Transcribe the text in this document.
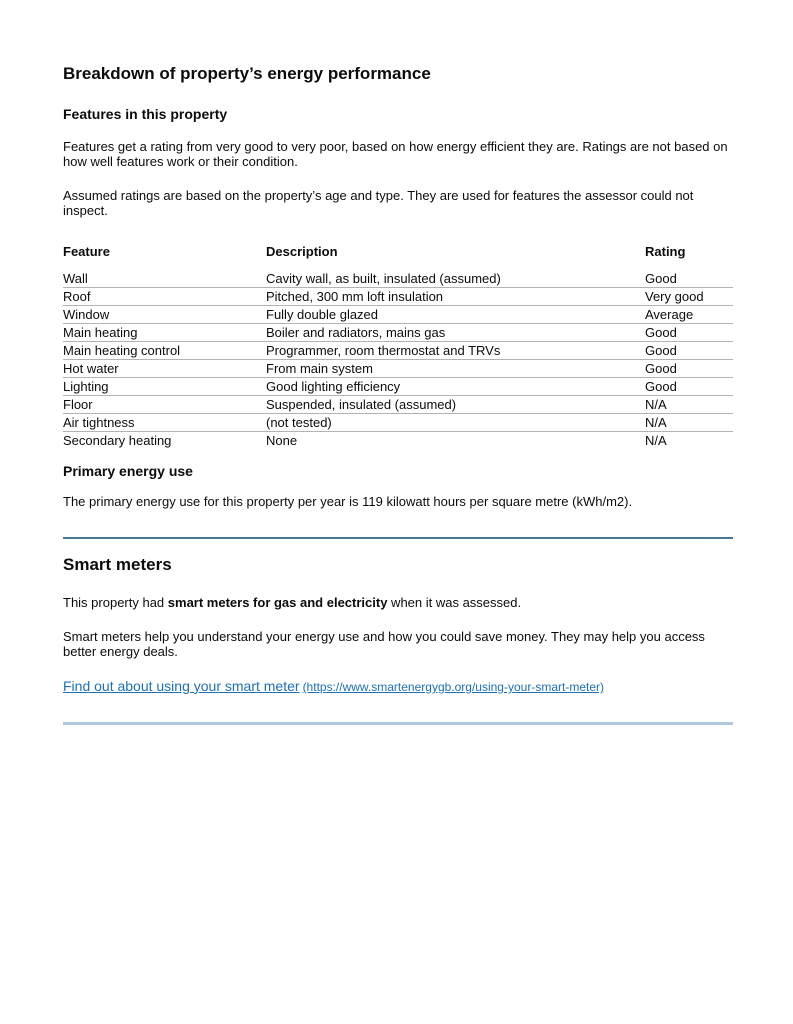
Breakdown of property’s energy performance
Features in this property

Features get a rating from very good to very poor, based on how energy efficient they are. Ratings are not based on how well features work or their condition.

Assumed ratings are based on the property’s age and type. They are used for features the assessor could not inspect.

Feature	Description	Rating
Wall	Cavity wall, as built, insulated (assumed)	Good
Roof	Pitched, 300 mm loft insulation	Very good
Window	Fully double glazed	Average
Main heating	Boiler and radiators, mains gas	Good
Main heating control	Programmer, room thermostat and TRVs	Good
Hot water	From main system	Good
Lighting	Good lighting efficiency	Good
Floor	Suspended, insulated (assumed)	N/A
Air tightness	(not tested)	N/A
Secondary heating	None	N/A
Primary energy use

The primary energy use for this property per year is 119 kilowatt hours per square metre (kWh/m2).

Smart meters

This property had smart meters for gas and electricity when it was assessed.

Smart meters help you understand your energy use and how you could save money. They may help you access better energy deals.

Find out about using your smart meter (https://www.smartenergygb.org/using-your-smart-meter)
